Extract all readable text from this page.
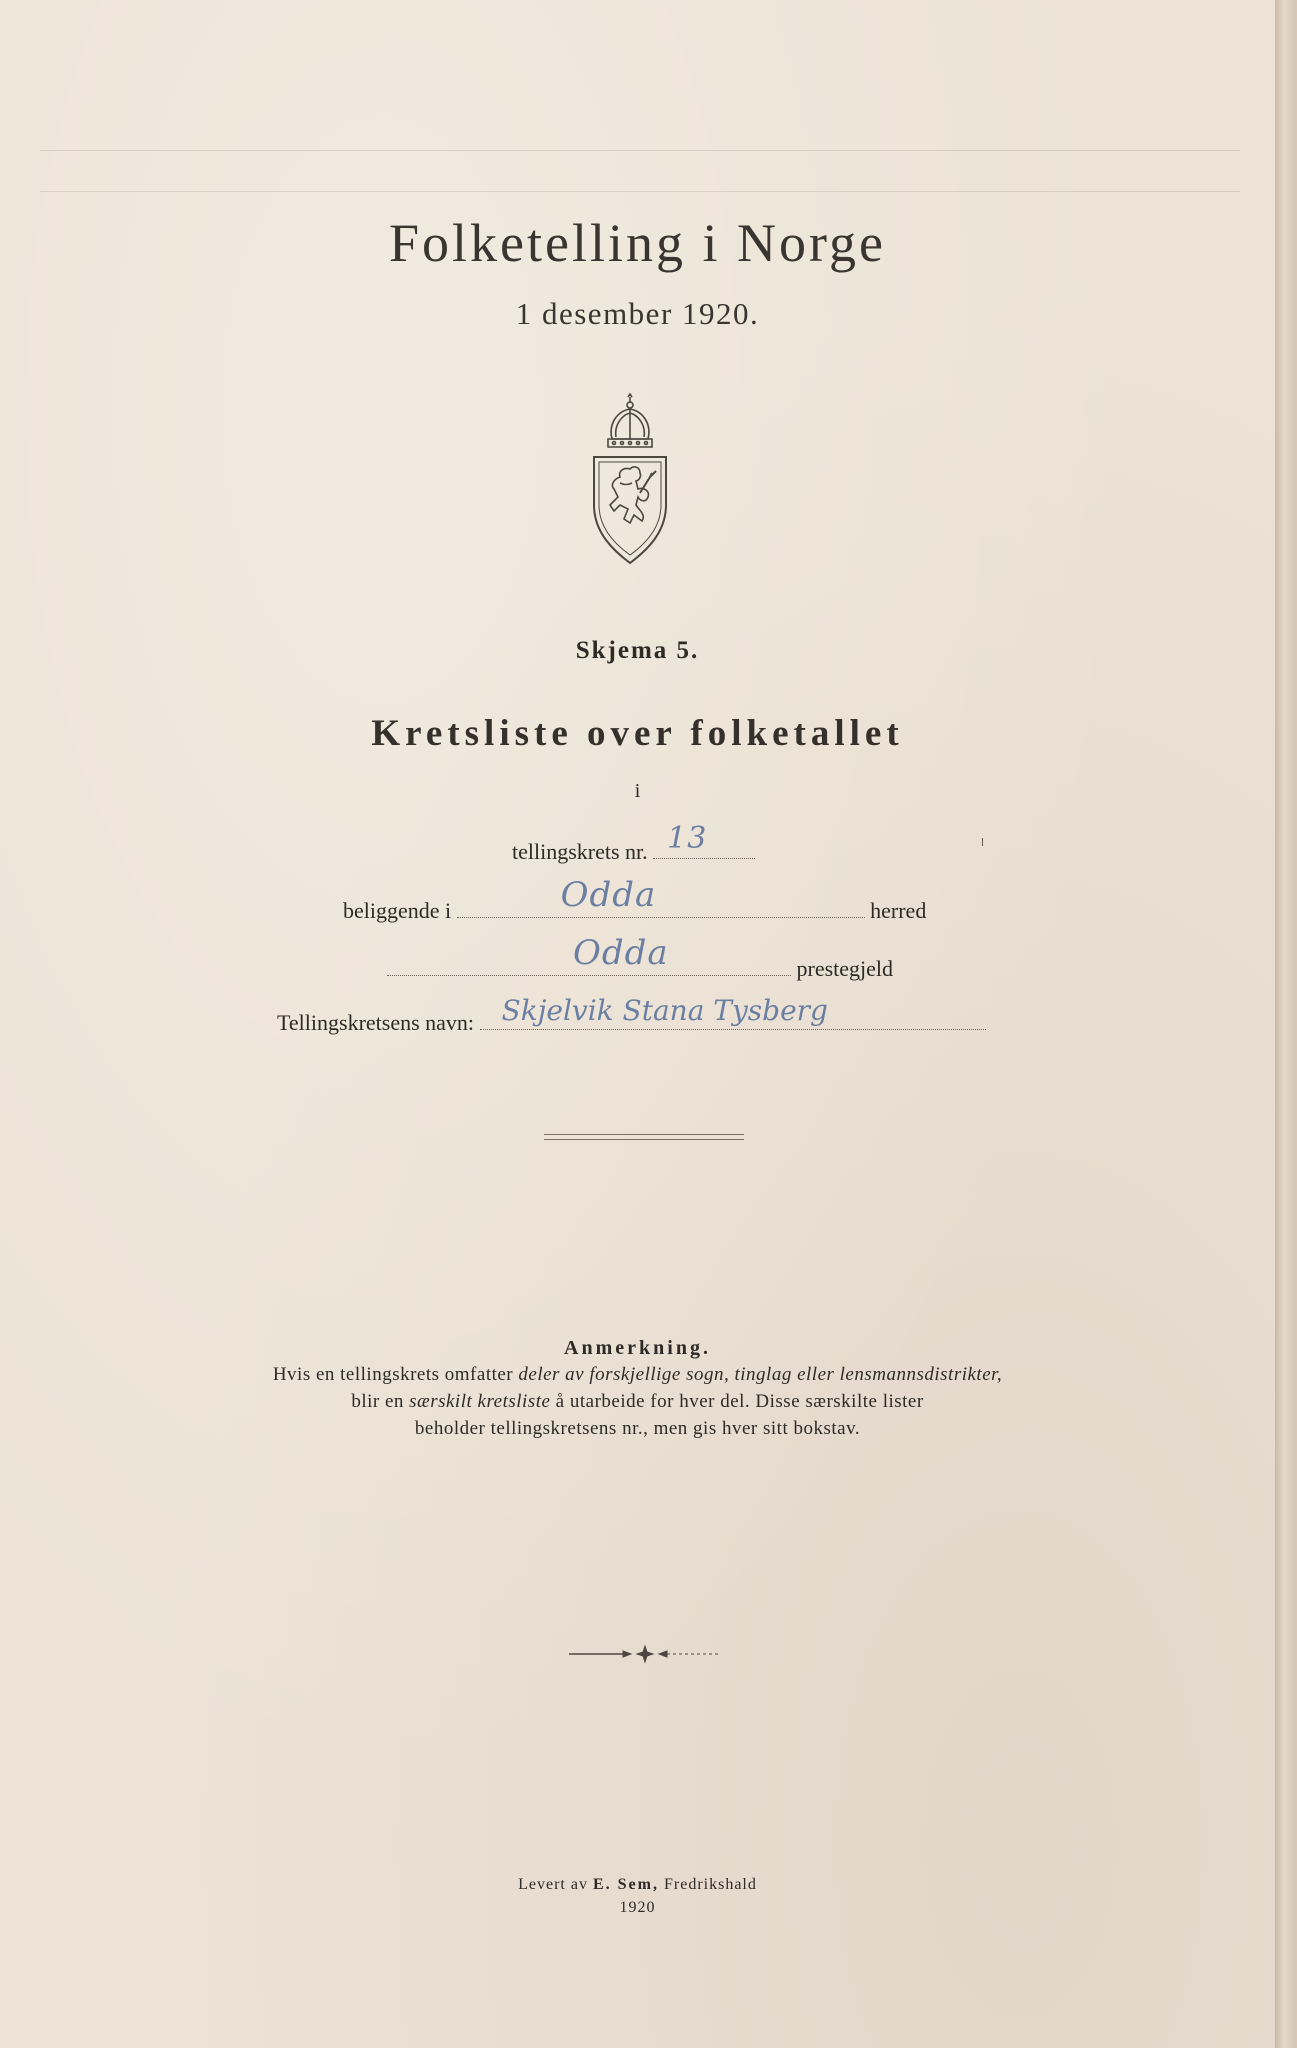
Folketelling i Norge
1 desember 1920.
Skjema 5.
Kretsliste over folketallet
i
tellingskrets nr. 13
beliggende i	Odda	herred
Odda	prestegjeld
Tellingskretsens navn: Skjelvik Stana Tysberg
Anmerkning.
Hvis en tellingskrets omfatter deler av forskjellige sogn, tinglag eller lensmannsdistrikter,
blir en særskilt kretsliste å utarbeide for hver del. Disse særskilte lister
beholder tellingskretsens nr., men gis hver sitt bokstav.
Levert av E. Sem, Fredrikshald
1920
